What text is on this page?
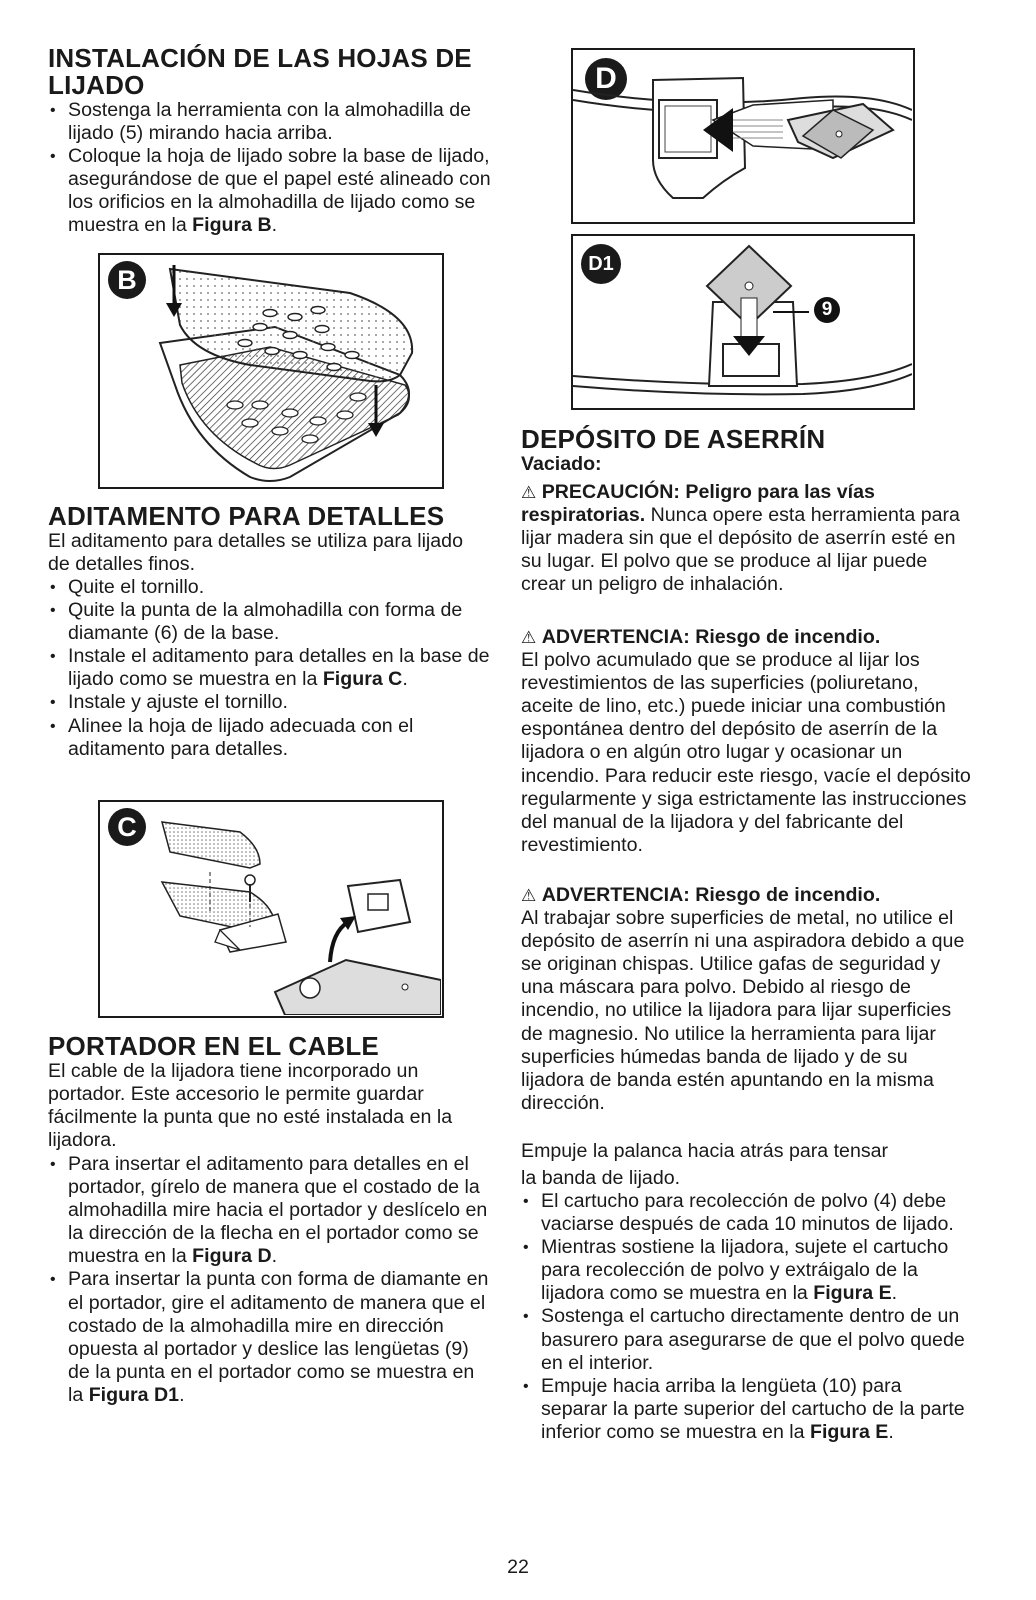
INSTALACIÓN DE LAS HOJAS DE LIJADO
• Sostenga la herramienta con la almohadilla de lijado (5) mirando hacia arriba.
• Coloque la hoja de lijado sobre la base de lijado, asegurándose de que el papel esté alineado con los orificios en la almohadilla de lijado como se muestra en la Figura B.
B
ADITAMENTO PARA DETALLES

El aditamento para detalles se utiliza para lijado de detalles finos.

• Quite el tornillo.
• Quite la punta de la almohadilla con forma de diamante (6) de la base.
• Instale el aditamento para detalles en la base de lijado como se muestra en la Figura C.
• Instale y ajuste el tornillo.
• Alinee la hoja de lijado adecuada con el aditamento para detalles.
C
PORTADOR EN EL CABLE

El cable de la lijadora tiene incorporado un portador. Este accesorio le permite guardar fácilmente la punta que no esté instalada en la lijadora.

• Para insertar el aditamento para detalles en el portador, gírelo de manera que el costado de la almohadilla mire hacia el portador y deslícelo en la dirección de la flecha en el portador como se muestra en la Figura D.
• Para insertar la punta con forma de diamante en el portador, gire el aditamento de manera que el costado de la almohadilla mire en dirección opuesta al portador y deslice las lengüetas (9) de la punta en el portador como se muestra en la Figura D1.
D
D1
9
DEPÓSITO DE ASERRÍN

Vaciado:

⚠ PRECAUCIÓN: Peligro para las vías respiratorias. Nunca opere esta herramienta para lijar madera sin que el depósito de aserrín esté en su lugar. El polvo que se produce al lijar puede crear un peligro de inhalación.

⚠ ADVERTENCIA: Riesgo de incendio.
El polvo acumulado que se produce al lijar los revestimientos de las superficies (poliuretano, aceite de lino, etc.) puede iniciar una combustión espontánea dentro del depósito de aserrín de la lijadora o en algún otro lugar y ocasionar un incendio. Para reducir este riesgo, vacíe el depósito regularmente y siga estrictamente las instrucciones del manual de la lijadora y del fabricante del revestimiento.

⚠ ADVERTENCIA: Riesgo de incendio.
Al trabajar sobre superficies de metal, no utilice el depósito de aserrín ni una aspiradora debido a que se originan chispas. Utilice gafas de seguridad y una máscara para polvo. Debido al riesgo de incendio, no utilice la lijadora para lijar superficies de magnesio. No utilice la herramienta para lijar superficies húmedas banda de lijado y de su lijadora de banda estén apuntando en la misma dirección.

Empuje la palanca hacia atrás para tensar

la banda de lijado.

• El cartucho para recolección de polvo (4) debe vaciarse después de cada 10 minutos de lijado.
• Mientras sostiene la lijadora, sujete el cartucho para recolección de polvo y extráigalo de la lijadora como se muestra en la Figura E.
• Sostenga el cartucho directamente dentro de un basurero para asegurarse de que el polvo quede en el interior.
• Empuje hacia arriba la lengüeta (10) para separar la parte superior del cartucho de la parte inferior como se muestra en la Figura E.
22
